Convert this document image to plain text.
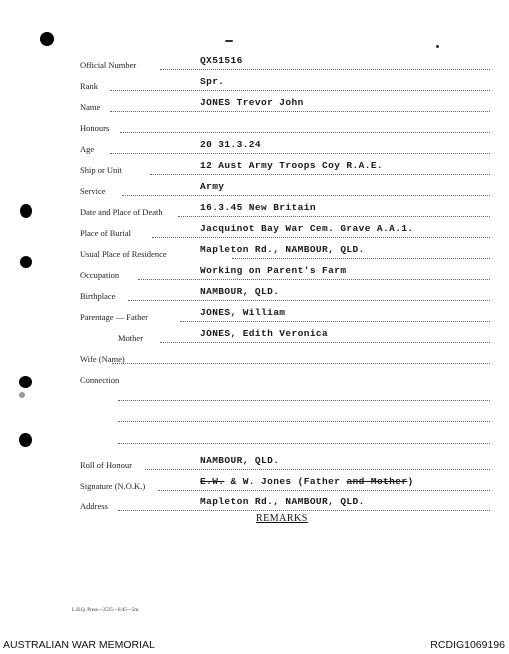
Official Number	QX51516
Rank	Spr.
Name	JONES Trevor John
Honours
Age	20 31.3.24
Ship or Unit	12 Aust Army Troops Coy R.A.E.
Service	Army
Date and Place of Death	16.3.45 New Britain
Place of Burial	Jacquinot Bay War Cem. Grave A.A.1.
Usual Place of Residence	Mapleton Rd., NAMBOUR, QLD.
Occupation	Working on Parent's Farm
Birthplace	NAMBOUR, QLD.
Parentage — Father	JONES, William
Mother	JONES, Edith Veronica
Wife (Name)
Connection
Roll of Honour	NAMBOUR, QLD.
Signature (N.O.K.)	E.W. & W. Jones (Father and Mother)
Address	Mapleton Rd., NAMBOUR, QLD.
REMARKS
L.H.Q. Press—2535—6/45—5m.
AUSTRALIAN WAR MEMORIAL	RCDIG1069196
